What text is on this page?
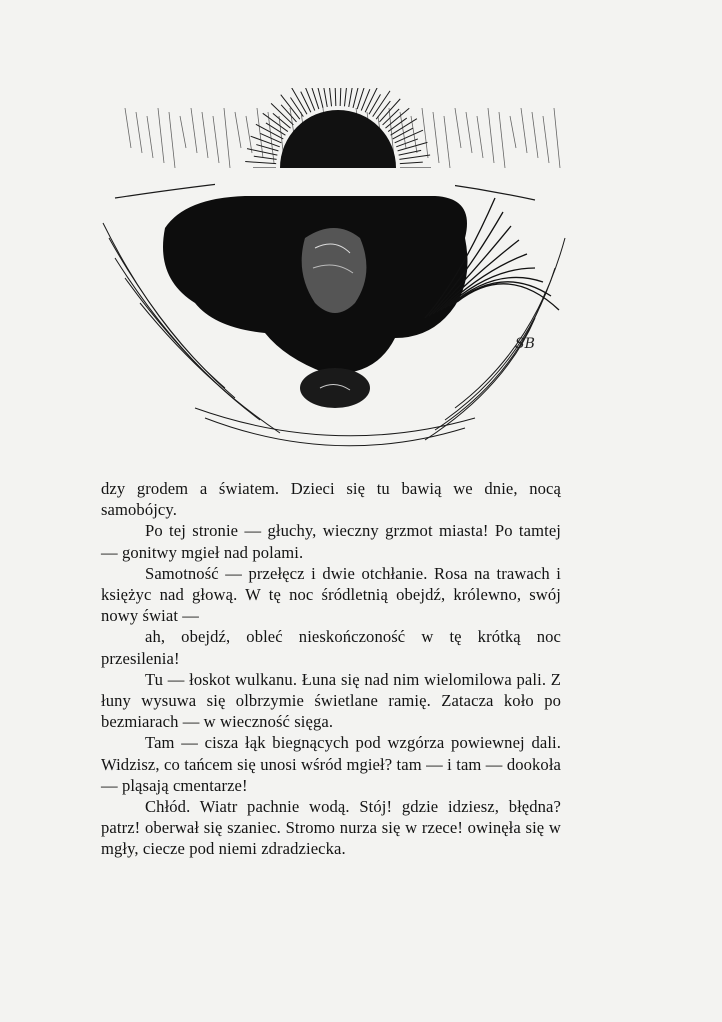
SB

dzy grodem a światem. Dzieci się tu bawią we dnie, nocą samobójcy.

Po tej stronie — głuchy, wieczny grzmot miasta! Po tamtej — gonitwy mgieł nad polami.

Samotność — przełęcz i dwie otchłanie. Rosa na trawach i księżyc nad głową. W tę noc śródletnią obejdź, królewno, swój nowy świat —

ah, obejdź, obleć nieskończoność w tę krótką noc przesilenia!

Tu — łoskot wulkanu. Łuna się nad nim wielomilowa pali. Z łuny wysuwa się olbrzymie świetlane ramię. Zatacza koło po bezmiarach — w wieczność sięga.

Tam — cisza łąk biegnących pod wzgórza powiewnej dali. Widzisz, co tańcem się unosi wśród mgieł? tam — i tam — dookoła — pląsają cmentarze!

Chłód. Wiatr pachnie wodą. Stój! gdzie idziesz, błędna? patrz! oberwał się szaniec. Stromo nurza się w rzece! owinęła się w mgły, ciecze pod niemi zdradziecka.
